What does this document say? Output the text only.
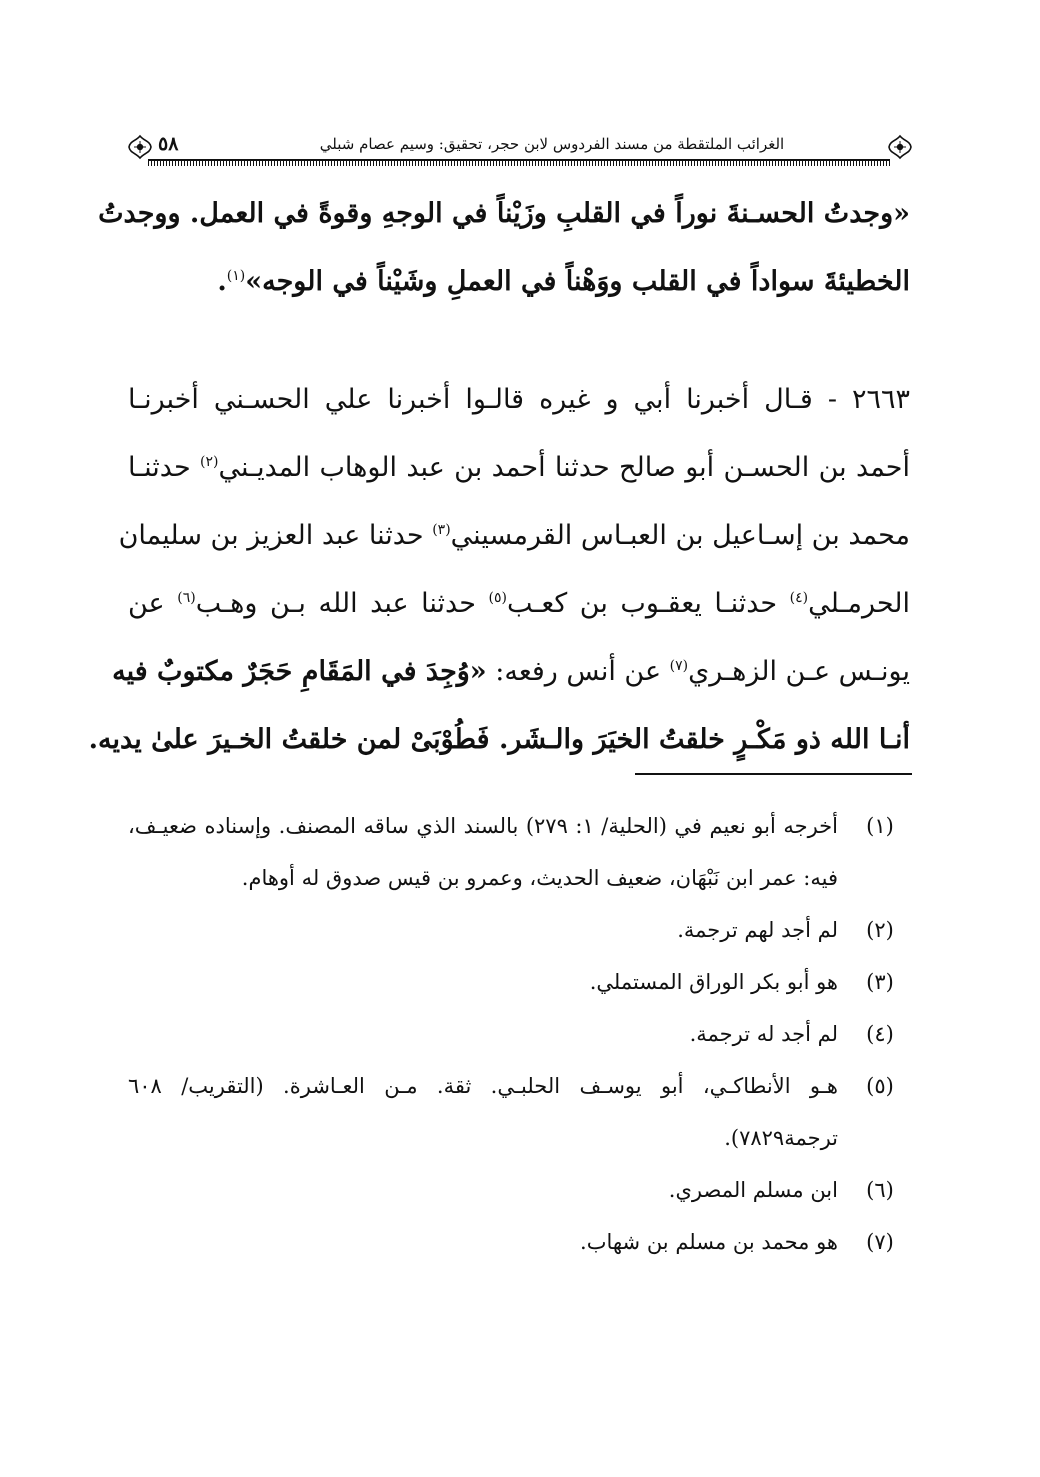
الغرائب الملتقطة من مسند الفردوس لابن حجر، تحقيق: وسيم عصام شبلي
٥٨
«وجدتُ الحسـنةَ نوراً في القلبِ وزَيْناً في الوجهِ وقوةً في العمل. ووجدتُ
الخطيئةَ سواداً في القلب ووَهْناً في العملِ وشَيْناً في الوجه»$^{(١)}$.
٢٦٦٣ - قـال أخبرنا أبي و غيره قالـوا أخبرنا علي الحسـني أخبرنـا
أحمد بن الحسـن أبو صالح حدثنا أحمد بن عبد الوهاب المديـني$^{(٢)}$ حدثنـا
محمد بن إسـاعيل بن العبـاس القرمسيني$^{(٣)}$ حدثنا عبد العزيز بن سليمان
الحرمـلي$^{(٤)}$ حدثنـا يعقـوب بن كعـب$^{(٥)}$ حدثنا عبد الله بـن وهـب$^{(٦)}$ عن
يونـس عـن الزهـري$^{(٧)}$ عن أنس رفعه: «وُجِدَ في المَقَامِ حَجَرٌ مكتوبٌ فيه
أنـا الله ذو مَكْـرٍ خلقتُ الخيَرَ والـشَر. فَطُوْبَىْ لمن خلقتُ الخـيرَ علىٰ يديه.
(١)
أخرجه أبو نعيم في (الحلية/ ١: ٢٧٩) بالسند الذي ساقه المصنف. وإسناده ضعيـف، فيه: عمر ابن نَبْهَان، ضعيف الحديث، وعمرو بن قيس صدوق له أوهام.
(٢)
لم أجد لهم ترجمة.
(٣)
هو أبو بكر الوراق المستملي.
(٤)
لم أجد له ترجمة.
(٥)
هـو الأنطاكـي، أبو يوسـف الحلبـي. ثقة. مـن العـاشرة. (التقريب/ ٦٠٨ ترجمة٧٨٢٩).
(٦)
ابن مسلم المصري.
(٧)
هو محمد بن مسلم بن شهاب.
